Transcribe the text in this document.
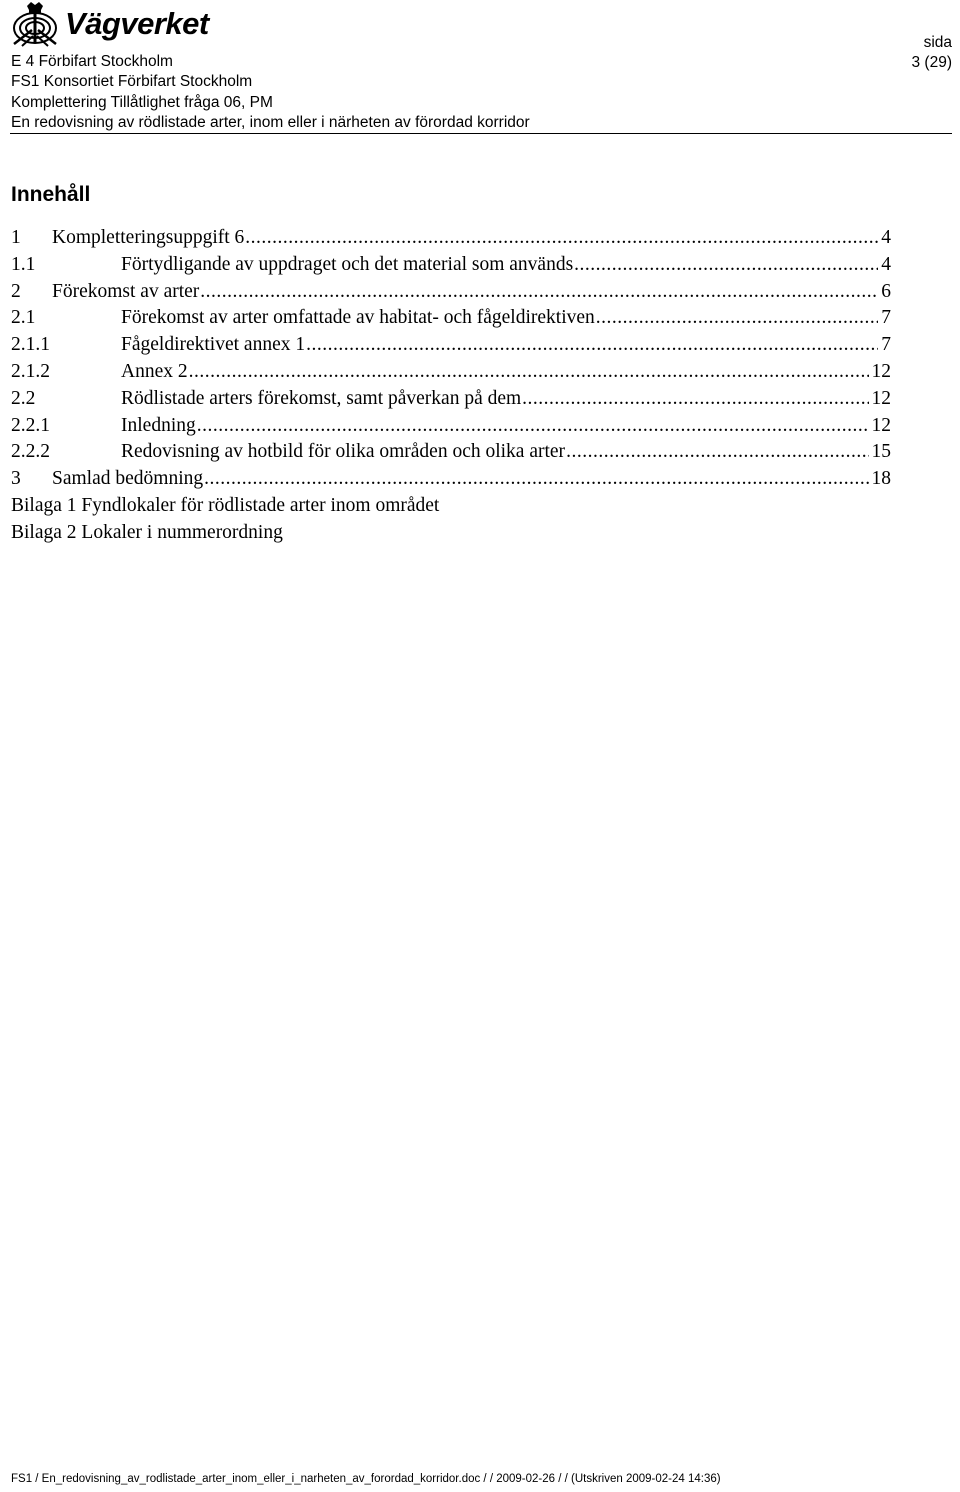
Vägverket
E 4 Förbifart Stockholm
FS1 Konsortiet Förbifart Stockholm
Komplettering Tillåtlighet fråga 06, PM
En redovisning av rödlistade arter, inom eller i närheten av förordad korridor
sida
3 (29)
Innehåll
1	Kompletteringsuppgift 6 .....	4
1.1	Förtydligande av uppdraget och det material som används .....	4
2	Förekomst av arter .....	6
2.1	Förekomst av arter omfattade av habitat- och fågeldirektiven .....	7
2.1.1	Fågeldirektivet annex 1 .....	7
2.1.2	Annex 2 .....	12
2.2	Rödlistade arters förekomst, samt påverkan på dem .....	12
2.2.1	Inledning .....	12
2.2.2	Redovisning av hotbild för olika områden och olika arter .....	15
3	Samlad bedömning .....	18
Bilaga 1 Fyndlokaler för rödlistade arter inom området
Bilaga 2 Lokaler i nummerordning
FS1 / En_redovisning_av_rodlistade_arter_inom_eller_i_narheten_av_forordad_korridor.doc / / 2009-02-26 / / (Utskriven 2009-02-24 14:36)
